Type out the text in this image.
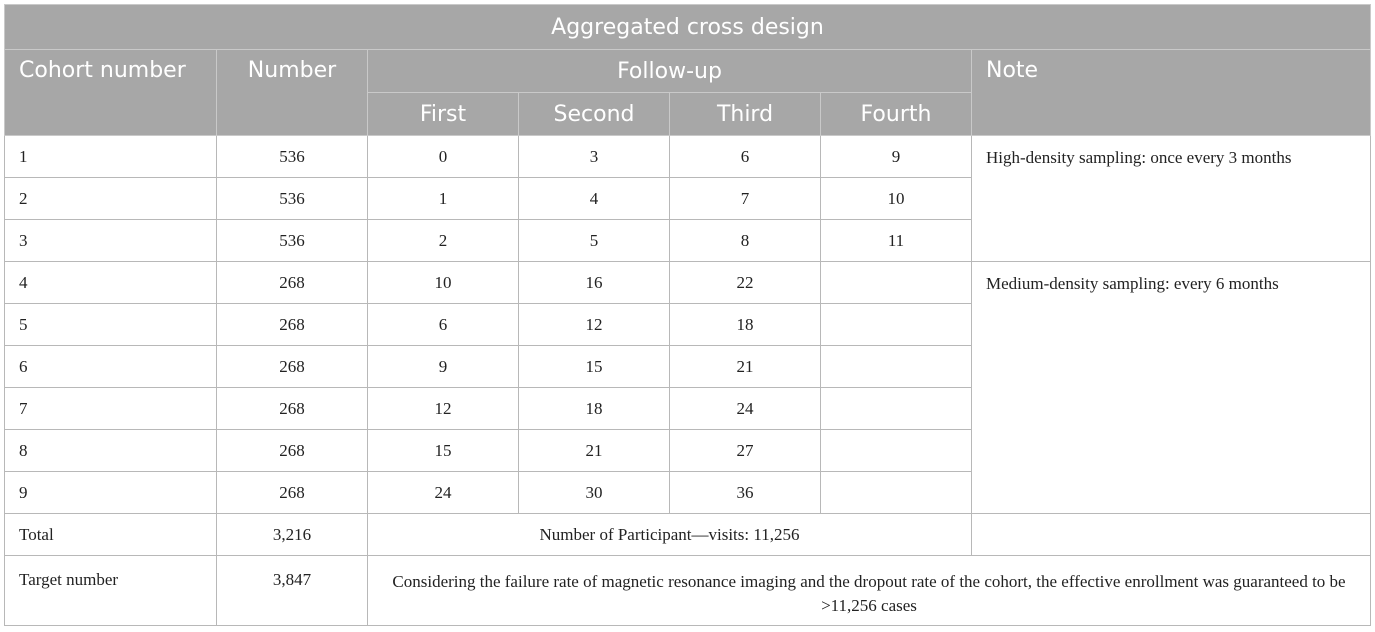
Aggregated cross design						
Cohort number	Number	Follow-up				Note
		First	Second	Third	Fourth	
1	536	0	3	6	9	High-density sampling: once every 3 months
2	536	1	4	7	10	
3	536	2	5	8	11	
4	268	10	16	22		Medium-density sampling: every 6 months
5	268	6	12	18		
6	268	9	15	21		
7	268	12	18	24		
8	268	15	21	27		
9	268	24	30	36		
Total	3,216	Number of Participant—visits: 11,256				
Target number	3,847	Considering the failure rate of magnetic resonance imaging and the dropout rate of the cohort, the effective enrollment was guaranteed to be >11,256 cases				
